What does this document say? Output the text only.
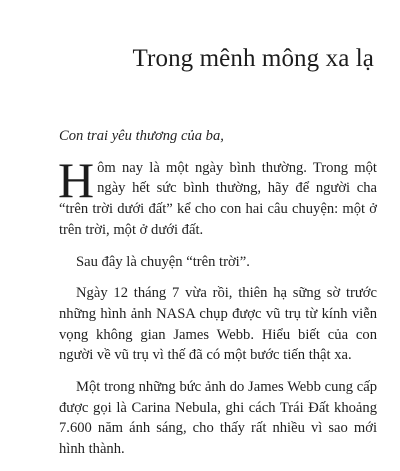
Trong mênh mông xa lạ

Con trai yêu thương của ba,

Hôm nay là một ngày bình thường. Trong một ngày hết sức bình thường, hãy để người cha “trên trời dưới đất” kể cho con hai câu chuyện: một ở trên trời, một ở dưới đất.

Sau đây là chuyện “trên trời”.

Ngày 12 tháng 7 vừa rồi, thiên hạ sững sờ trước những hình ảnh NASA chụp được vũ trụ từ kính viễn vọng không gian James Webb. Hiểu biết của con người về vũ trụ vì thế đã có một bước tiến thật xa.

Một trong những bức ảnh do James Webb cung cấp được gọi là Carina Nebula, ghi cách Trái Đất khoảng 7.600 năm ánh sáng, cho thấy rất nhiều vì sao mới hình thành.
